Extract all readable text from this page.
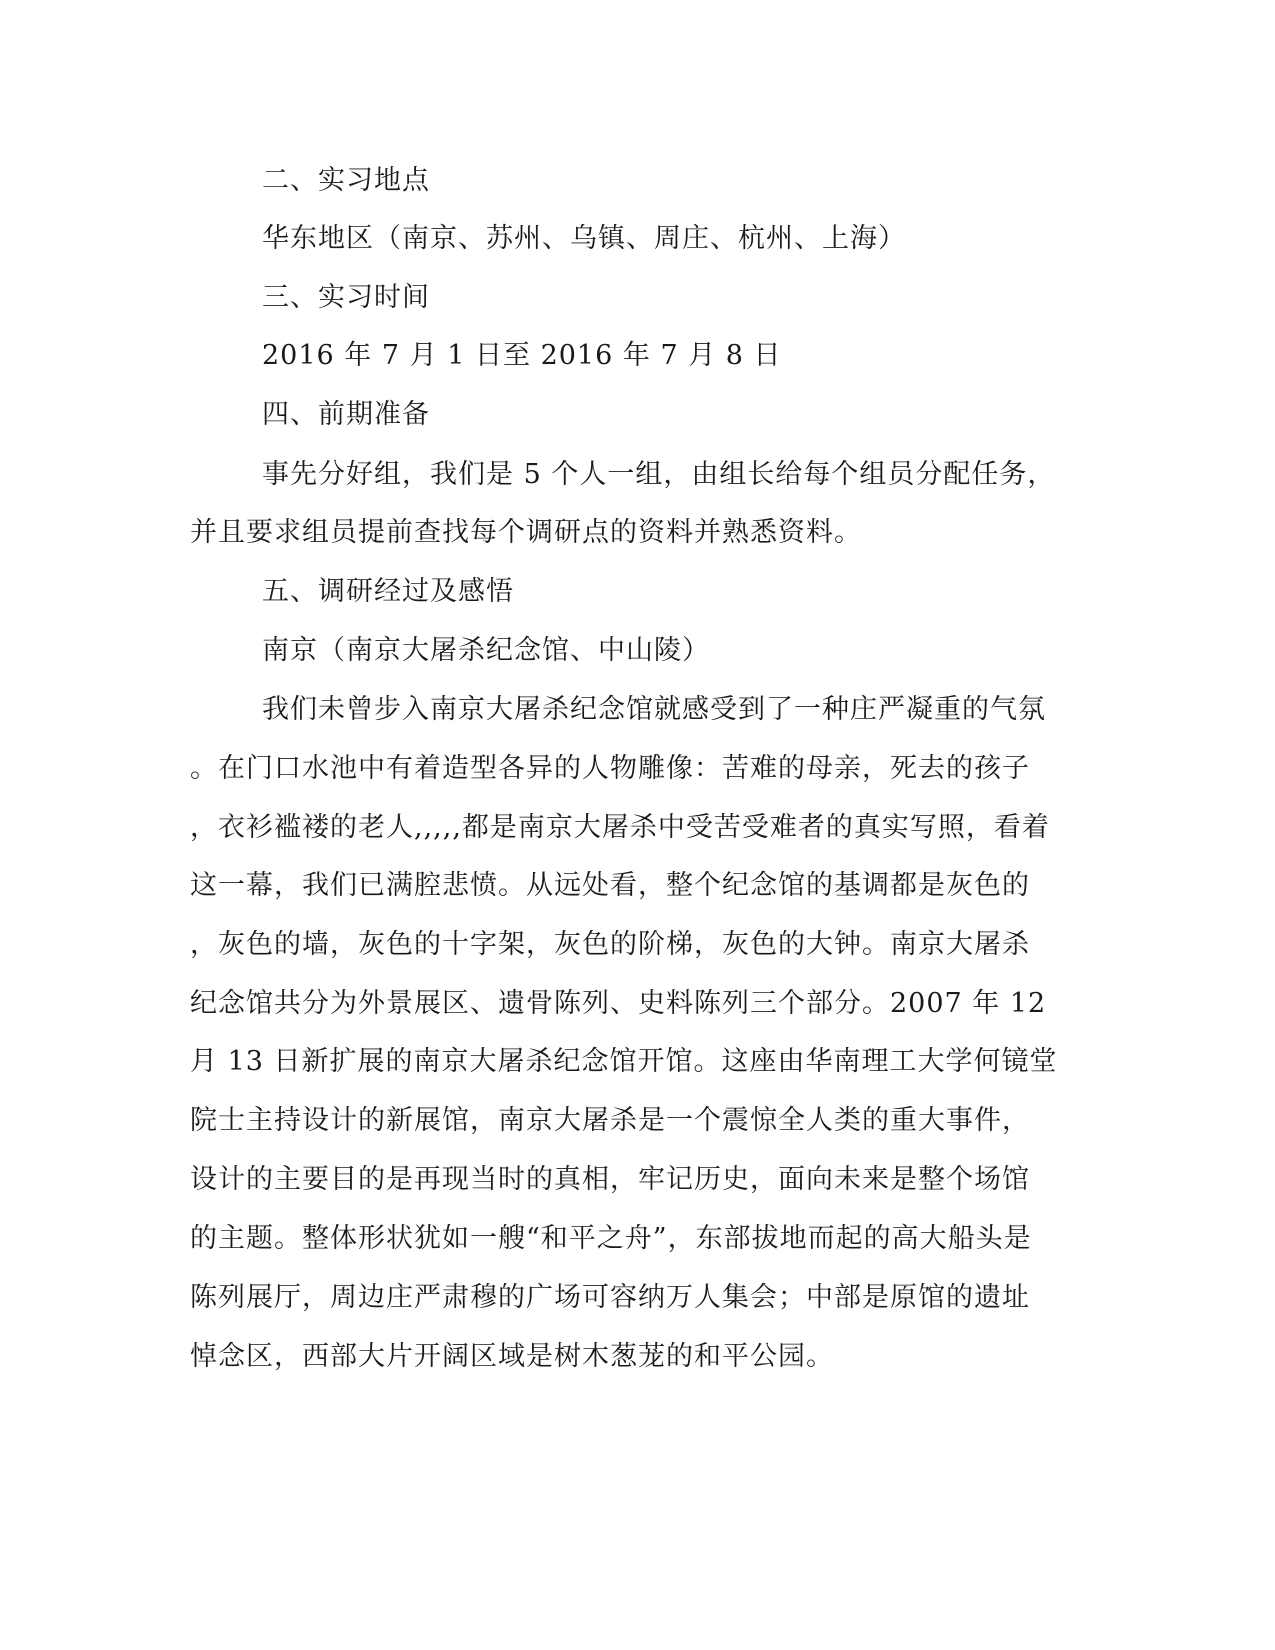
二、实习地点
华东地区（南京、苏州、乌镇、周庄、杭州、上海）
三、实习时间
2016 年 7 月 1 日至 2016 年 7 月 8 日
四、前期准备
事先分好组，我们是 5 个人一组，由组长给每个组员分配任务，
并且要求组员提前查找每个调研点的资料并熟悉资料。
五、调研经过及感悟
南京（南京大屠杀纪念馆、中山陵）
我们未曾步入南京大屠杀纪念馆就感受到了一种庄严凝重的气氛
。在门口水池中有着造型各异的人物雕像：苦难的母亲，死去的孩子
，衣衫褴褛的老人,,,,,都是南京大屠杀中受苦受难者的真实写照，看着
这一幕，我们已满腔悲愤。从远处看，整个纪念馆的基调都是灰色的
，灰色的墙，灰色的十字架，灰色的阶梯，灰色的大钟。南京大屠杀
纪念馆共分为外景展区、遗骨陈列、史料陈列三个部分。2007 年 12
月 13 日新扩展的南京大屠杀纪念馆开馆。这座由华南理工大学何镜堂
院士主持设计的新展馆，南京大屠杀是一个震惊全人类的重大事件，
设计的主要目的是再现当时的真相，牢记历史，面向未来是整个场馆
的主题。整体形状犹如一艘“和平之舟”，东部拔地而起的高大船头是
陈列展厅，周边庄严肃穆的广场可容纳万人集会；中部是原馆的遗址
悼念区，西部大片开阔区域是树木葱茏的和平公园。
